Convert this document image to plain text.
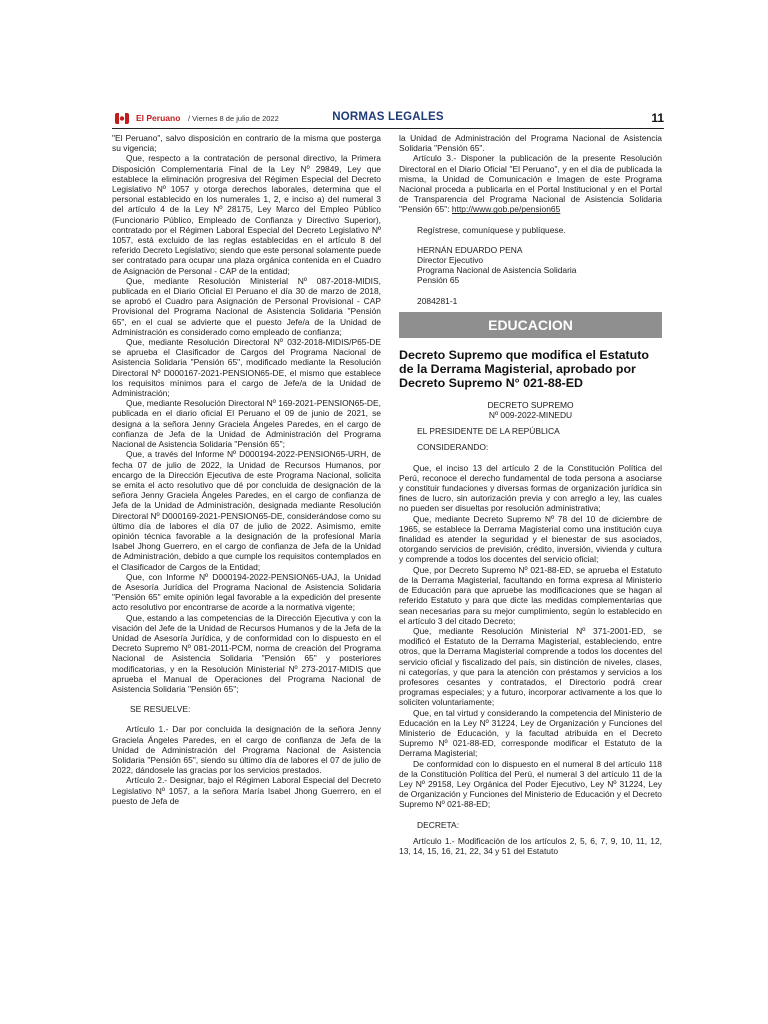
El Peruano / Viernes 8 de julio de 2022	NORMAS LEGALES	11

"El Peruano", salvo disposición en contrario de la misma que posterga su vigencia;

Que, respecto a la contratación de personal directivo, la Primera Disposición Complementaria Final de la Ley Nº 29849, Ley que establece la eliminación progresiva del Régimen Especial del Decreto Legislativo Nº 1057 y otorga derechos laborales, determina que el personal establecido en los numerales 1, 2, e inciso a) del numeral 3 del artículo 4 de la Ley Nº 28175, Ley Marco del Empleo Público (Funcionario Público, Empleado de Confianza y Directivo Superior), contratado por el Régimen Laboral Especial del Decreto Legislativo Nº 1057, está excluido de las reglas establecidas en el artículo 8 del referido Decreto Legislativo; siendo que este personal solamente puede ser contratado para ocupar una plaza orgánica contenida en el Cuadro de Asignación de Personal - CAP de la entidad;

Que, mediante Resolución Ministerial Nº 087-2018-MIDIS, publicada en el Diario Oficial El Peruano el día 30 de marzo de 2018, se aprobó el Cuadro para Asignación de Personal Provisional - CAP Provisional del Programa Nacional de Asistencia Solidaria "Pensión 65", en el cual se advierte que el puesto Jefe/a de la Unidad de Administración es considerado como empleado de confianza;

Que, mediante Resolución Directoral Nº 032-2018-MIDIS/P65-DE se aprueba el Clasificador de Cargos del Programa Nacional de Asistencia Solidaria "Pensión 65", modificado mediante la Resolución Directoral Nº D000167-2021-PENSION65-DE, el mismo que establece los requisitos mínimos para el cargo de Jefe/a de la Unidad de Administración;

Que, mediante Resolución Directoral Nº 169-2021-PENSION65-DE, publicada en el diario oficial El Peruano el 09 de junio de 2021, se designa a la señora Jenny Graciela Ángeles Paredes, en el cargo de confianza de Jefa de la Unidad de Administración del Programa Nacional de Asistencia Solidaria "Pensión 65";

Que, a través del Informe Nº D000194-2022-PENSION65-URH, de fecha 07 de julio de 2022, la Unidad de Recursos Humanos, por encargo de la Dirección Ejecutiva de este Programa Nacional, solicita se emita el acto resolutivo que dé por concluida de designación de la señora Jenny Graciela Ángeles Paredes, en el cargo de confianza de Jefa de la Unidad de Administración, designada mediante Resolución Directoral Nº D000169-2021-PENSION65-DE, considerándose como su último día de labores el día 07 de julio de 2022. Asimismo, emite opinión técnica favorable a la designación de la profesional María Isabel Jhong Guerrero, en el cargo de confianza de Jefa de la Unidad de Administración, debido a que cumple los requisitos contemplados en el Clasificador de Cargos de la Entidad;

Que, con Informe Nº D000194-2022-PENSION65-UAJ, la Unidad de Asesoría Jurídica del Programa Nacional de Asistencia Solidaria "Pensión 65" emite opinión legal favorable a la expedición del presente acto resolutivo por encontrarse de acorde a la normativa vigente;

Que, estando a las competencias de la Dirección Ejecutiva y con la visación del Jefe de la Unidad de Recursos Humanos y de la Jefa de la Unidad de Asesoría Jurídica, y de conformidad con lo dispuesto en el Decreto Supremo Nº 081-2011-PCM, norma de creación del Programa Nacional de Asistencia Solidaria "Pensión 65" y posteriores modificatorias, y en la Resolución Ministerial Nº 273-2017-MIDIS que aprueba el Manual de Operaciones del Programa Nacional de Asistencia Solidaria "Pensión 65";

SE RESUELVE:

Artículo 1.- Dar por concluida la designación de la señora Jenny Graciela Ángeles Paredes, en el cargo de confianza de Jefa de la Unidad de Administración del Programa Nacional de Asistencia Solidaria "Pensión 65", siendo su último día de labores el 07 de julio de 2022, dándosele las gracias por los servicios prestados.

Artículo 2.- Designar, bajo el Régimen Laboral Especial del Decreto Legislativo Nº 1057, a la señora María Isabel Jhong Guerrero, en el puesto de Jefa de

la Unidad de Administración del Programa Nacional de Asistencia Solidaria "Pensión 65".

Artículo 3.- Disponer la publicación de la presente Resolución Directoral en el Diario Oficial "El Peruano", y en el día de publicada la misma, la Unidad de Comunicación e Imagen de este Programa Nacional proceda a publicarla en el Portal Institucional y en el Portal de Transparencia del Programa Nacional de Asistencia Solidaria "Pensión 65": http://www.gob.pe/pension65

Regístrese, comuníquese y publíquese.

HERNÁN EDUARDO PENA

Director Ejecutivo

Programa Nacional de Asistencia Solidaria

Pensión 65

2084281-1

EDUCACION

Decreto Supremo que modifica el Estatuto de la Derrama Magisterial, aprobado por Decreto Supremo N° 021-88-ED

DECRETO SUPREMO

Nº 009-2022-MINEDU

EL PRESIDENTE DE LA REPÚBLICA

CONSIDERANDO:

Que, el inciso 13 del artículo 2 de la Constitución Política del Perú, reconoce el derecho fundamental de toda persona a asociarse y constituir fundaciones y diversas formas de organización jurídica sin fines de lucro, sin autorización previa y con arreglo a ley, las cuales no pueden ser disueltas por resolución administrativa;

Que, mediante Decreto Supremo Nº 78 del 10 de diciembre de 1965, se establece la Derrama Magisterial como una institución cuya finalidad es atender la seguridad y el bienestar de sus asociados, otorgando servicios de previsión, crédito, inversión, vivienda y cultura y comprende a todos los docentes del servicio oficial;

Que, por Decreto Supremo Nº 021-88-ED, se aprueba el Estatuto de la Derrama Magisterial, facultando en forma expresa al Ministerio de Educación para que apruebe las modificaciones que se hagan al referido Estatuto y para que dicte las medidas complementarias que sean necesarias para su mejor cumplimiento, según lo establecido en el artículo 3 del citado Decreto;

Que, mediante Resolución Ministerial Nº 371-2001-ED, se modificó el Estatuto de la Derrama Magisterial, estableciendo, entre otros, que la Derrama Magisterial comprende a todos los docentes del servicio oficial y fiscalizado del país, sin distinción de niveles, clases, ni categorías, y que para la atención con préstamos y servicios a los profesores cesantes y contratados, el Directorio podrá crear programas especiales; y a futuro, incorporar activamente a los que lo soliciten voluntariamente;

Que, en tal virtud y considerando la competencia del Ministerio de Educación en la Ley Nº 31224, Ley de Organización y Funciones del Ministerio de Educación, y la facultad atribuida en el Decreto Supremo Nº 021-88-ED, corresponde modificar el Estatuto de la Derrama Magisterial;

De conformidad con lo dispuesto en el numeral 8 del artículo 118 de la Constitución Política del Perú, el numeral 3 del artículo 11 de la Ley Nº 29158, Ley Orgánica del Poder Ejecutivo, Ley Nº 31224, Ley de Organización y Funciones del Ministerio de Educación y el Decreto Supremo Nº 021-88-ED;

DECRETA:

Artículo 1.- Modificación de los artículos 2, 5, 6, 7, 9, 10, 11, 12, 13, 14, 15, 16, 21, 22, 34 y 51 del Estatuto
